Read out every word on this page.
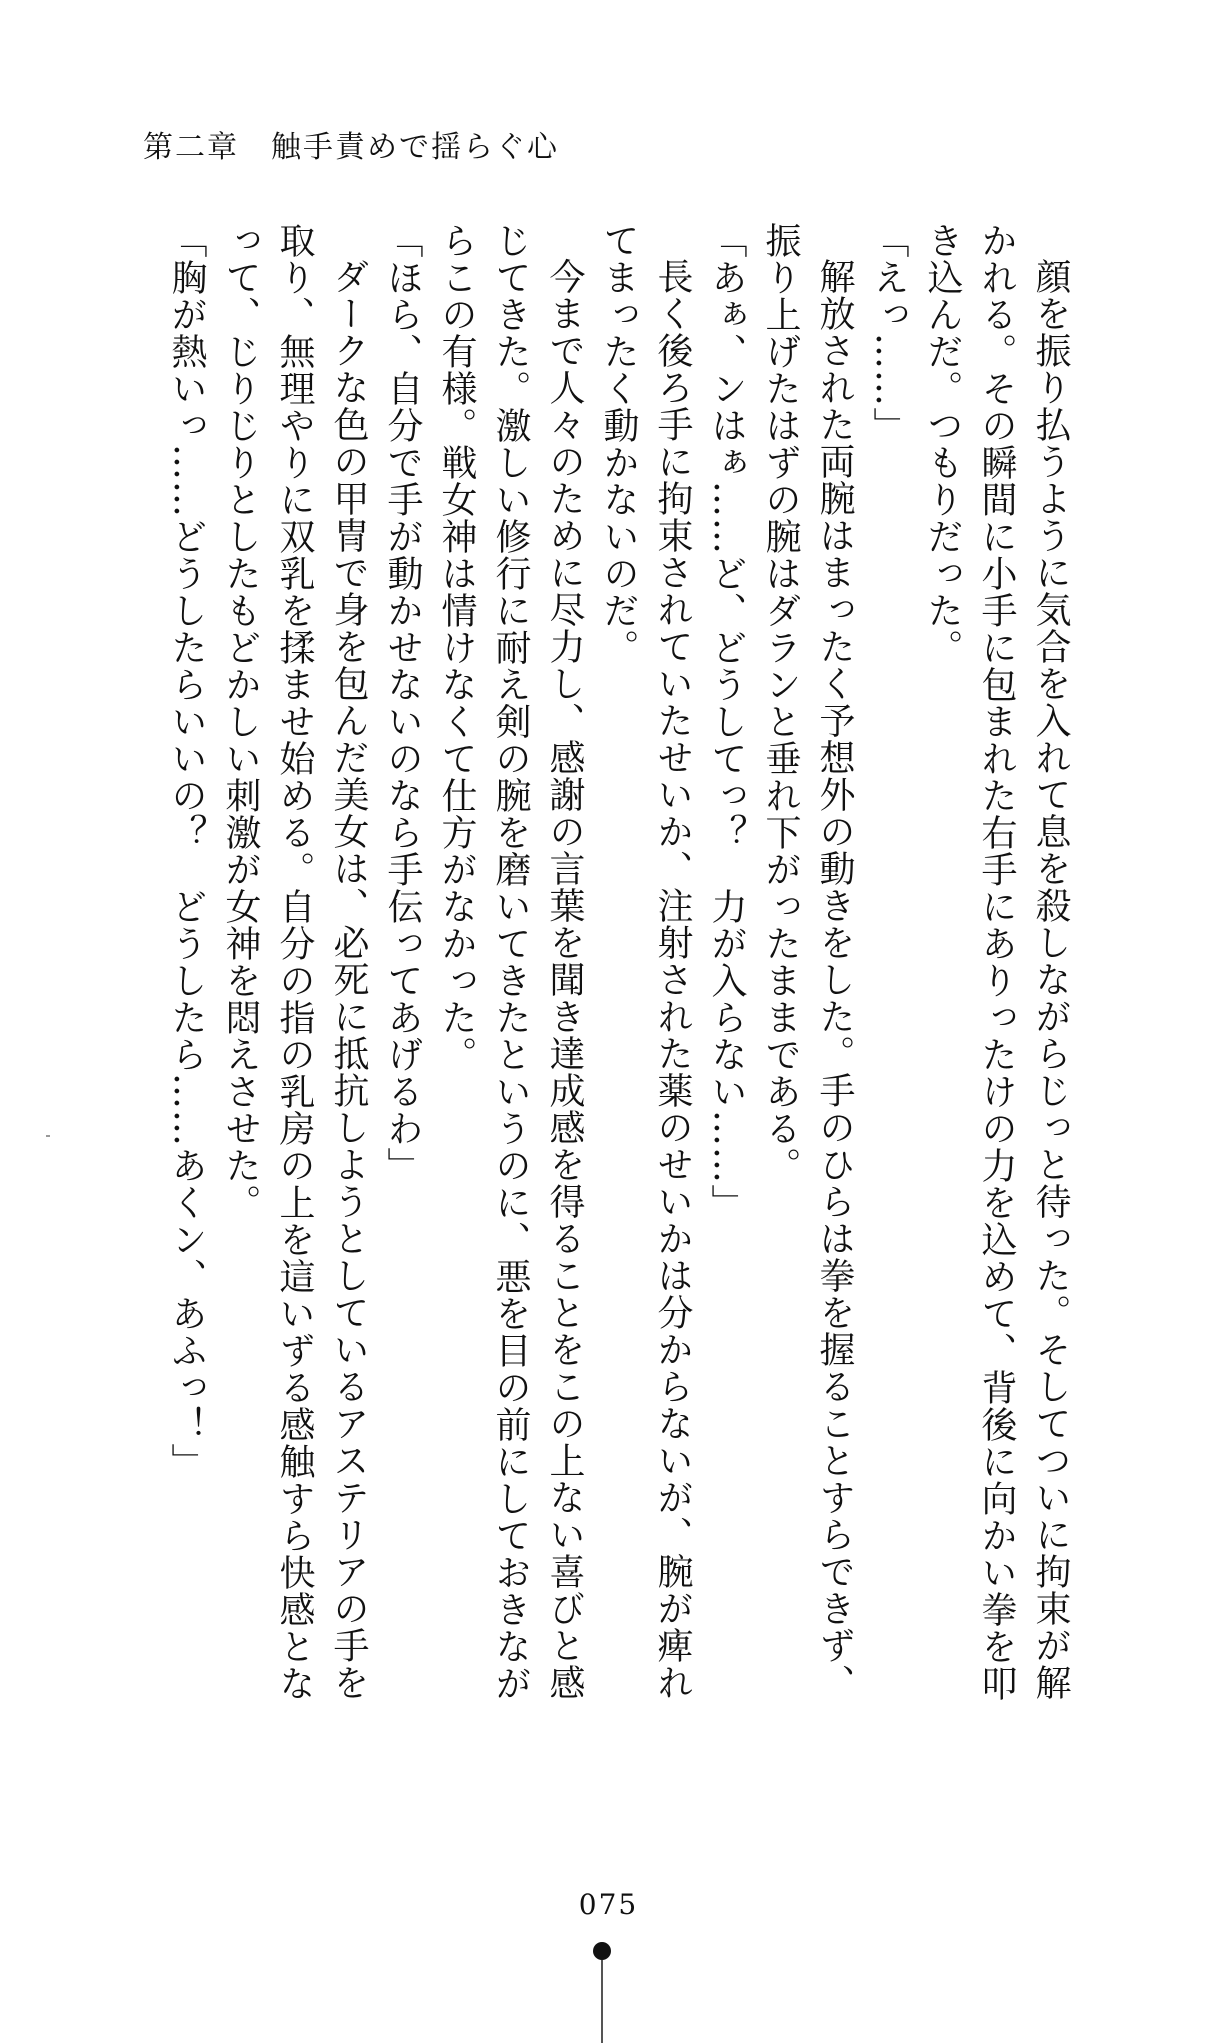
第二章　触手責めで揺らぐ心

顔を振り払うように気合を入れて息を殺しながらじっと待った。そしてついに拘束が解かれる。その瞬間に小手に包まれた右手にありったけの力を込めて、背後に向かい拳を叩き込んだ。つもりだった。

「えっ……」

解放された両腕はまったく予想外の動きをした。手のひらは拳を握ることすらできず、振り上げたはずの腕はダランと垂れ下がったままである。

「あぁ、ンはぁ……ど、どうしてっ？　力が入らない……」

長く後ろ手に拘束されていたせいか、注射された薬のせいかは分からないが、腕が痺れてまったく動かないのだ。

今まで人々のために尽力し、感謝の言葉を聞き達成感を得ることをこの上ない喜びと感じてきた。激しい修行に耐え剣の腕を磨いてきたというのに、悪を目の前にしておきながらこの有様。戦女神は情けなくて仕方がなかった。

「ほら、自分で手が動かせないのなら手伝ってあげるわ」

ダークな色の甲冑で身を包んだ美女は、必死に抵抗しようとしているアステリアの手を取り、無理やりに双乳を揉ませ始める。自分の指の乳房の上を這いずる感触すら快感となって、じりじりとしたもどかしい刺激が女神を悶えさせた。

「胸が熱いっ……どうしたらいいの？　どうしたら……あくン、あふっ！」

075
